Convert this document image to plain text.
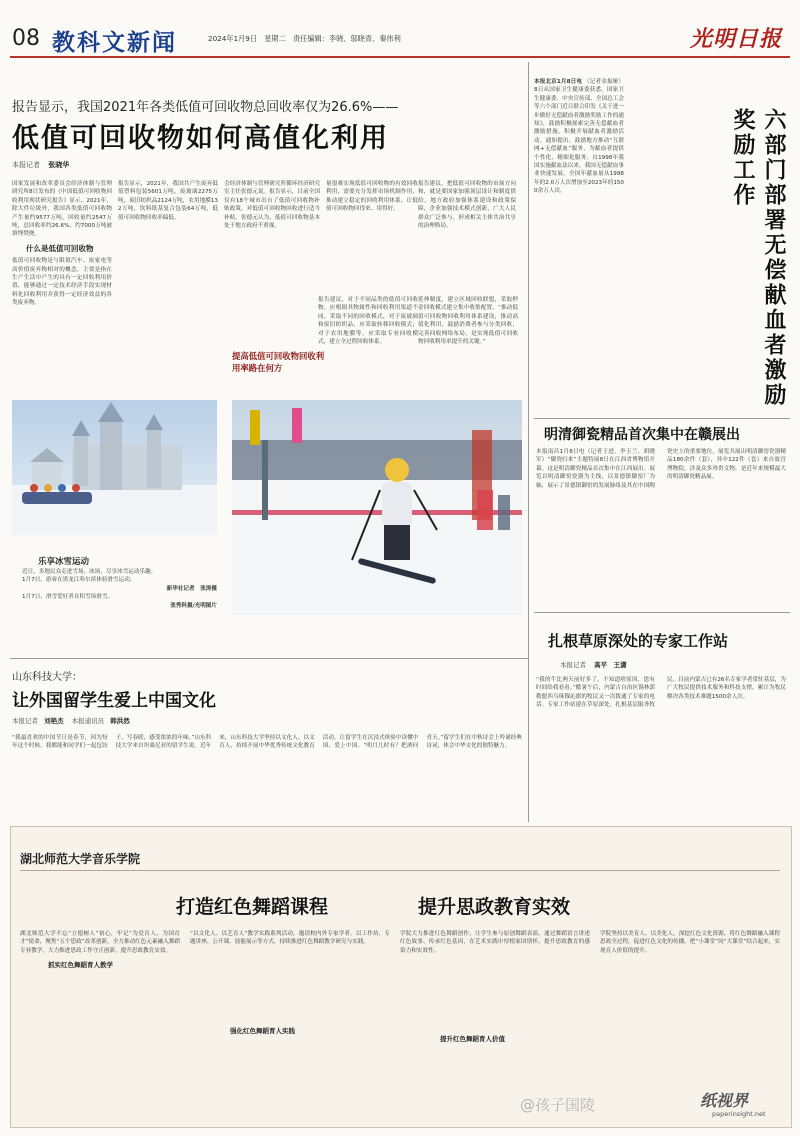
08 教科文新闻	2024年1月9日　星期二　责任编辑：李晓、邬晓青、秦伟利	光明日报
报告显示，我国2021年各类低值可回收物总回收率仅为26.6%——
低值可回收物如何高值化利用
本报记者 张晓华
国家发展和改革委员会经济体制与管理研究所8日发布的《中国低值可回收物回收利用现状研究报告》显示，2021年，除大件垃圾外，我国各类低值可回收物产生量约9577万吨，回收量约2547万吨，总回收率约26.6%，约7000万吨被填埋焚烧。
什么是低值可回收物
低值可回收物是与限值汽车、废家电等高价值废弃物相对的概念，主要是指在生产生活中产生的具有一定回收利用价值，能够通过一定技术经济手段实现材料化回收利用并获得一定经济效益的各类废弃物。
报告显示，2021年，我国共产生废弃低值塑料包装5601万吨，废玻璃2275万吨，废旧纺织品2124万吨，农用地膜132万吨，饮料纸基复合包装64万吨，低值可回收物回收率偏低。
会经济体制与管理研究所循环经济研究室主任张德元说。报告显示，目前全国仅有18个城市出台了低值可回收物补贴政策，对低值可回收物回收进行适当补贴。张德元认为，低值可回收物基本处于地方政府不重视。
量很难实现低值可回收物的有效回收利用，需要充分发挥市场机制作用，推动建立稳定的回收利用体系，让低值可回收物回得来、用得好。
提高低值可回收物回收利用率路在何方
报告建议，把低值可回收物的市场方向和，就是要国家加强顶层设计和制度供给，地方政府加强体系建设和政策保障，企业加强技术模式创新，广大人民群众广泛参与，形成相关主体共治共享的治理格局。
报告建议，对于不同品类的低值可回收物，应根据其物属性和回收利用渠道不同，采取不同的回收模式，对于废玻璃和废旧纺织品，应采取转移回收模式；对于农用地膜等，应采取专业回收模式，建立全过程回收体系。
延伸制度，建立区域回收联盟，采取押金回收模式建立集中收集配置。“推动低值可回收物回收利用体系建设，推动高值化利用，鼓励消费者参与分类回收，完善回收网络布局，是实现低值可回收物回收利用率提升的关键。”
乐享冰雪运动
近日，多地民众走进雪场、冰场，尽享冰雪运动乐趣。
1月7日，游客在黑龙江哈尔滨体验滑雪运动。
新华社记者　张涛摄
1月7日，滑雪爱好者在积雪场滑雪。
张秀科摄/光明图片
本报北京1月8日电 （记者金振娅）8日从国家卫生健康委获悉，国家卫生健康委、中央宣传部、全国总工会等六个部门近日联合印发《关于进一步做好无偿献血者激励奖励工作的通知》，鼓励积极探索完善无偿献血者激励措施，积极开展献血者激励活动。通知提出，鼓励地方推动“互联网+无偿献血”服务，为献血者提供个性化、精细化服务。自1998年我国实施献血法以来，我国无偿献血事业快速发展，全国年献血量从1998年的2.0万人次增加至2023年的1500余万人次。	六部门部署无偿献血者激励奖励工作
明清御瓷精品首次集中在赣展出
本报南昌1月8日电（记者王进、李玉兰、胡晓军）“御瓷归来”主题特展8日在江西省博物馆开幕。这是明清御瓷精品首次集中在江西展出。展览以明清御窑瓷器为主线，以景德镇御窑厂为轴，展示了景德镇御窑的发展脉络及其在中国陶瓷史上的重要地位。展览共展出明清御窑瓷器精品180余件（套），其中122件（套）来自故宫博物院，涉及众多珍贵文物，是近年来规模最大的明清御瓷精品展。
扎根草原深处的专家工作站
本报记者 高平　王潇
“我的牛比两天前好多了，不知道啥原因，您有时间给我看看。”酷暑午后，内蒙古自治区锡林郭勒盟西乌珠穆沁旗的牧民又一次拨通了专家的电话。专家工作站建在草原深处，扎根基层服务牧民。目前内蒙古已有26名专家学者常驻基层，为广大牧民提供技术服务和科技支撑，累计为牧民解决各类技术难题1500余人次。
山东科技大学：
让外国留学生爱上中国文化
本报记者 刘艳杰 本报通讯员 韩洪然
“我最喜欢的中国节日是春节，因为每年这个时候，我都能和同学们一起包饺子、写春联，感受浓浓的年味。”山东科技大学来自坦桑尼亚的留学生说。近年来，山东科技大学坚持以文化人、以文育人，持续开展中华优秀传统文化教育活动，让留学生在沉浸式体验中读懂中国、爱上中国。“明月几时有？把酒问青天。”留学生们在中秋诗会上吟诵经典诗词，体会中华文化的独特魅力。
湖北师范大学音乐学院
打造红色舞蹈课程	提升思政教育实效
湖北师范大学不忘“立德树人”初心，牢记“为党育人、为国育才”使命，聚焦“五个思政”改革创新，全力推动红色元素融入舞蹈专业教学，大力推进思政工作守正创新，提升思政教育实效。
抓实红色舞蹈育人教学
“以文化人、以艺育人”教学实践系列活动，邀请校内外专家学者，以工作坊、专题讲座、公开课、技能展示等方式，持续推进红色舞蹈教学研究与实践。
强化红色舞蹈育人实践
学院大力推进红色舞蹈创作，让学生参与原创舞蹈表演，通过舞蹈语言讲述红色故事、传承红色基因，在艺术实践中厚植家国情怀，提升思政教育的感染力和实效性。
提升红色舞蹈育人价值
学院坚持以美育人、以美化人，深挖红色文化资源，将红色舞蹈融入课程思政全过程，促进红色文化的传播，把“小课堂”同“大课堂”结合起来，实现育人价值的提升。
@孩子国陵	纸视界
paperinsight.net
